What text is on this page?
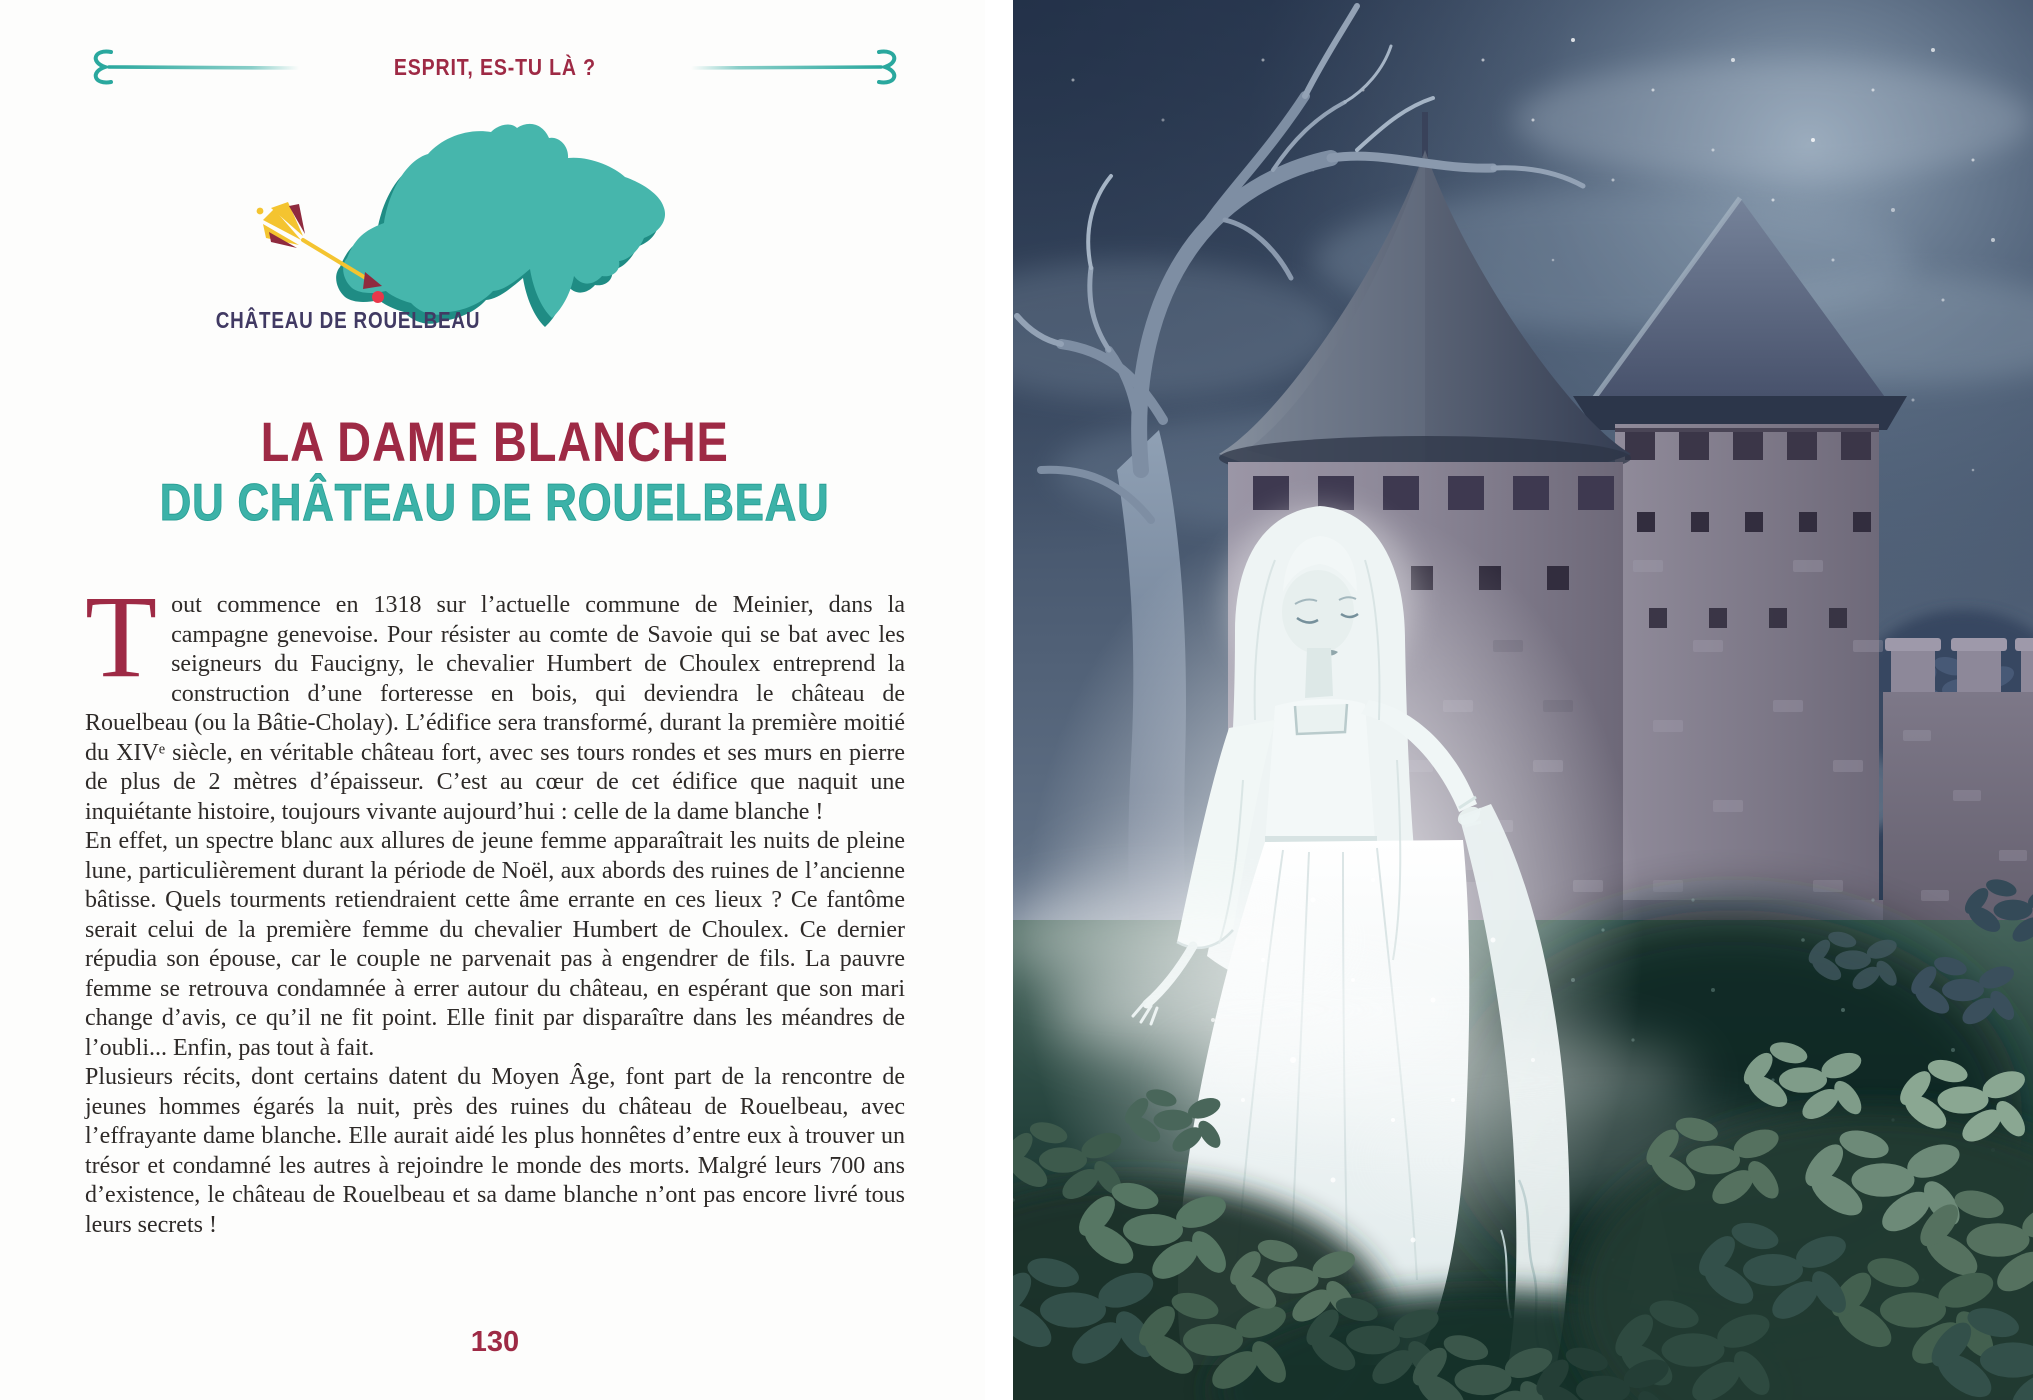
ESPRIT, ES-TU LÀ ?
CHÂTEAU DE ROUELBEAU
LA DAME BLANCHE
DU CHÂTEAU DE ROUELBEAU

Tout commence en 1318 sur l’actuelle commune de Meinier, dans la campagne genevoise. Pour résister au comte de Savoie qui se bat avec les seigneurs du Faucigny, le chevalier Humbert de Choulex entreprend la construction d’une forteresse en bois, qui deviendra le château de Rouelbeau (ou la Bâtie-Cholay). L’édifice sera transformé, durant la première moitié du XIVᵉ siècle, en véritable château fort, avec ses tours rondes et ses murs en pierre de plus de 2 mètres d’épaisseur. C’est au cœur de cet édifice que naquit une inquiétante histoire, toujours vivante aujourd’hui : celle de la dame blanche !

En effet, un spectre blanc aux allures de jeune femme apparaîtrait les nuits de pleine lune, particulièrement durant la période de Noël, aux abords des ruines de l’ancienne bâtisse. Quels tourments retiendraient cette âme errante en ces lieux ? Ce fantôme serait celui de la première femme du chevalier Humbert de Choulex. Ce dernier répudia son épouse, car le couple ne parvenait pas à engendrer de fils. La pauvre femme se retrouva condamnée à errer autour du château, en espérant que son mari change d’avis, ce qu’il ne fit point. Elle finit par disparaître dans les méandres de l’oubli... Enfin, pas tout à fait.

Plusieurs récits, dont certains datent du Moyen Âge, font part de la rencontre de jeunes hommes égarés la nuit, près des ruines du château de Rouelbeau, avec l’effrayante dame blanche. Elle aurait aidé les plus honnêtes d’entre eux à trouver un trésor et condamné les autres à rejoindre le monde des morts. Malgré leurs 700 ans d’existence, le château de Rouelbeau et sa dame blanche n’ont pas encore livré tous leurs secrets !

130
